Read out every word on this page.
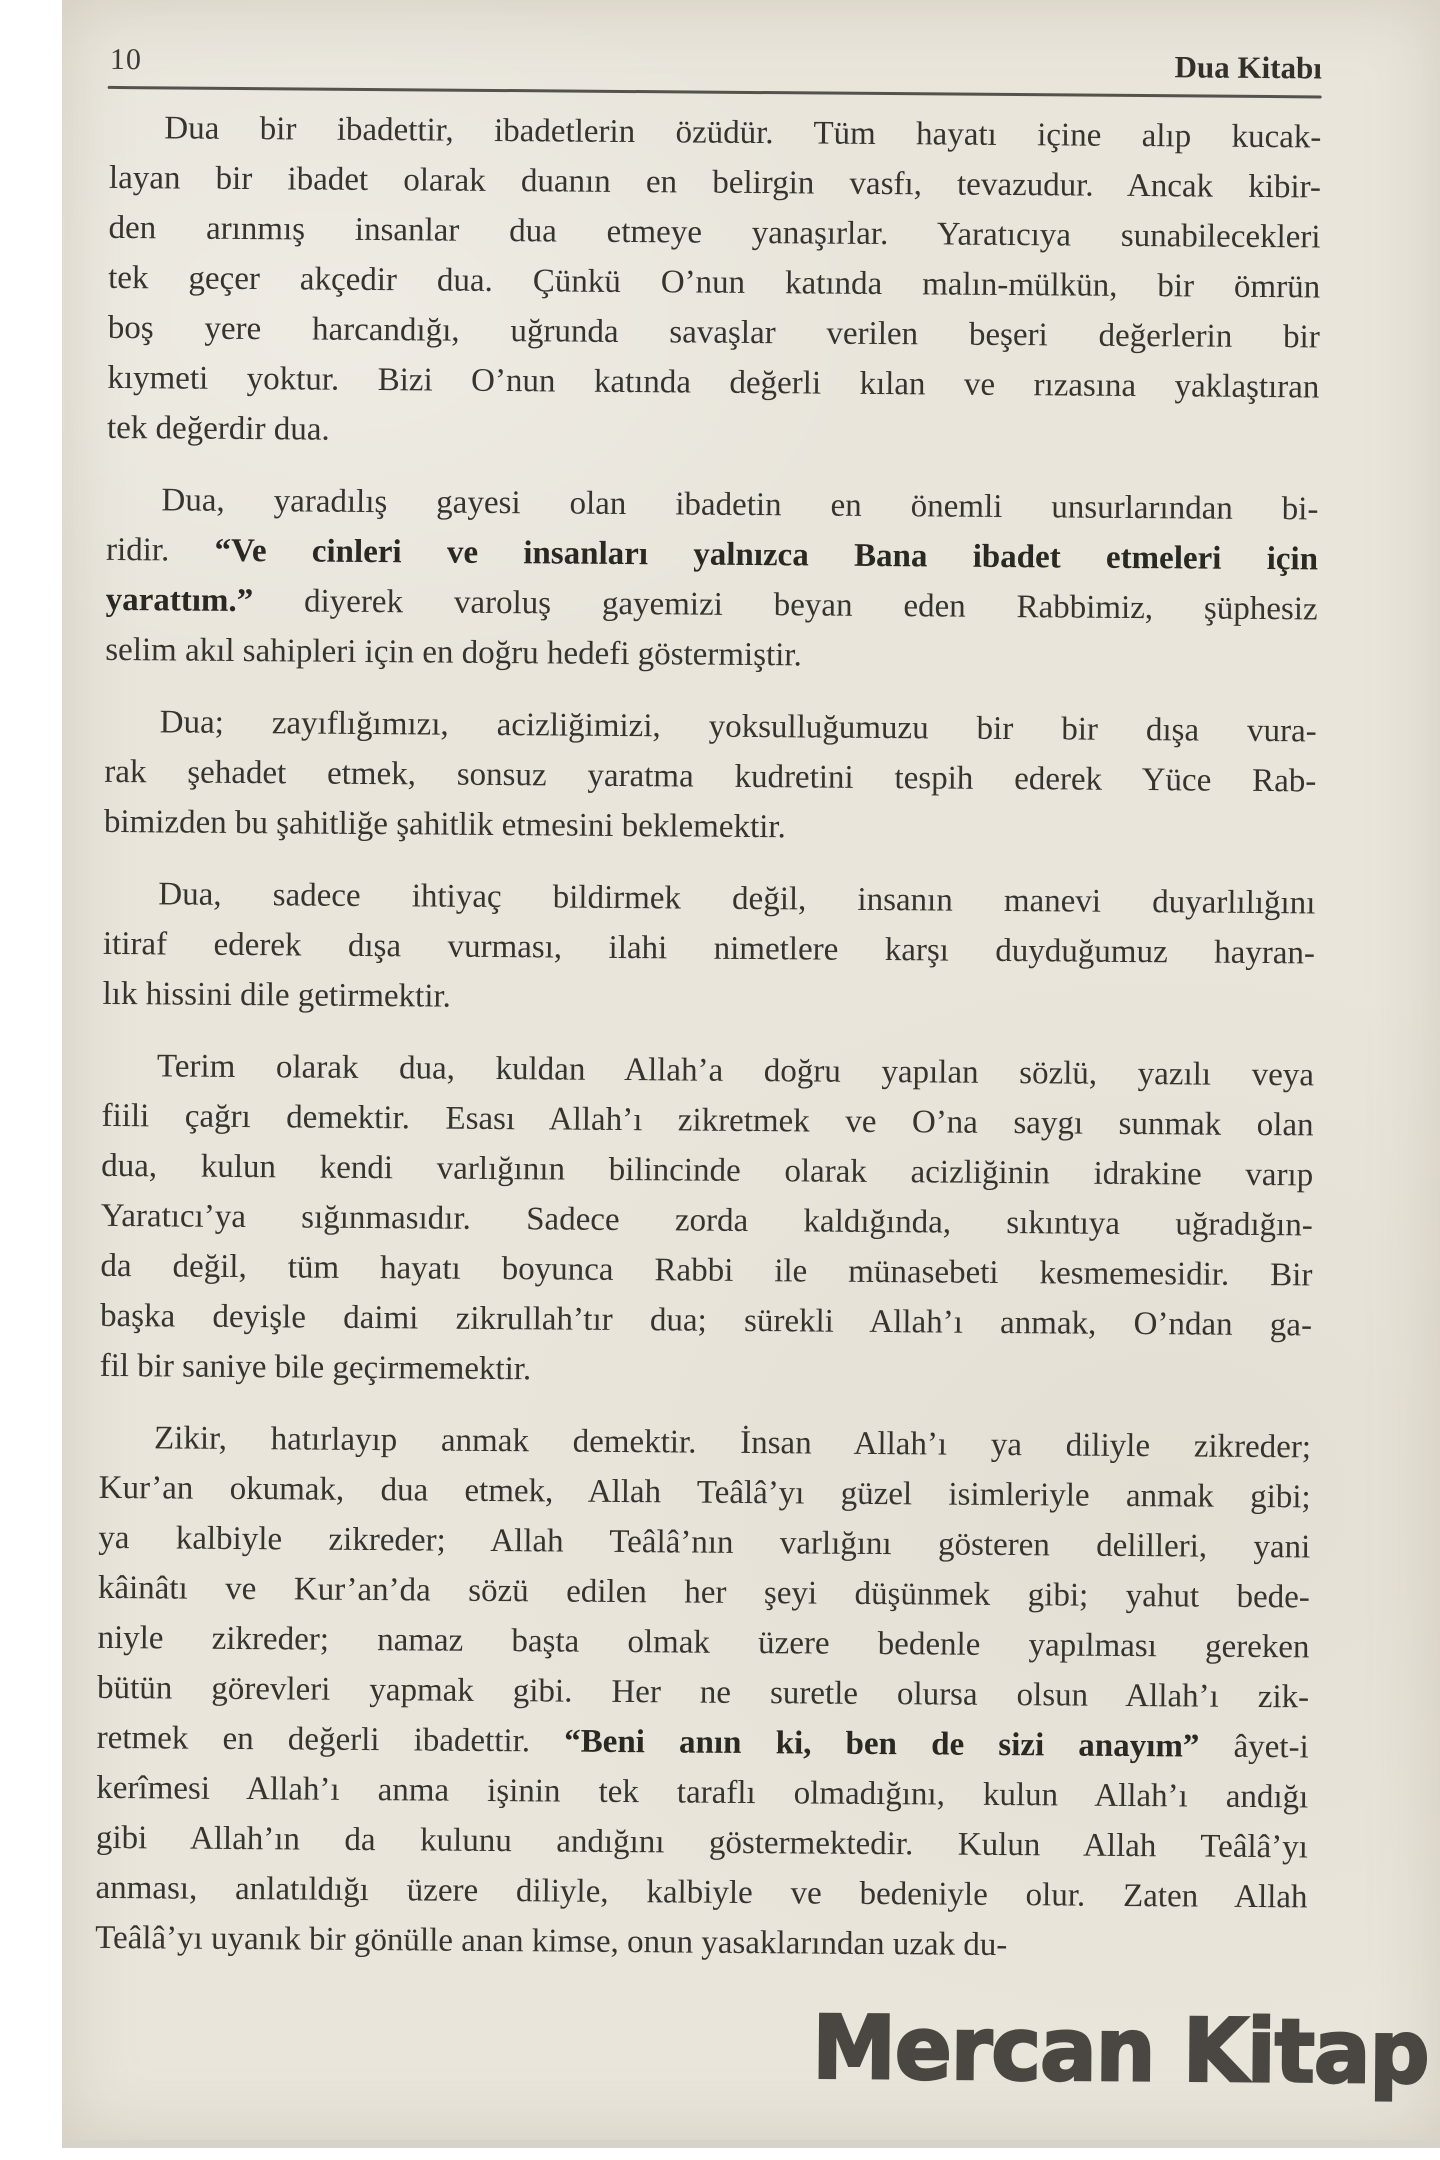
10	Dua Kitabı
Dua bir ibadettir, ibadetlerin özüdür. Tüm hayatı içine alıp kucak-
layan bir ibadet olarak duanın en belirgin vasfı, tevazudur. Ancak kibir-
den arınmış insanlar dua etmeye yanaşırlar. Yaratıcıya sunabilecekleri
tek geçer akçedir dua. Çünkü O’nun katında malın-mülkün, bir ömrün
boş yere harcandığı, uğrunda savaşlar verilen beşeri değerlerin bir
kıymeti yoktur. Bizi O’nun katında değerli kılan ve rızasına yaklaştıran
tek değerdir dua.
Dua, yaradılış gayesi olan ibadetin en önemli unsurlarından bi-
ridir. “Ve cinleri ve insanları yalnızca Bana ibadet etmeleri için
yarattım.” diyerek varoluş gayemizi beyan eden Rabbimiz, şüphesiz
selim akıl sahipleri için en doğru hedefi göstermiştir.
Dua; zayıflığımızı, acizliğimizi, yoksulluğumuzu bir bir dışa vura-
rak şehadet etmek, sonsuz yaratma kudretini tespih ederek Yüce Rab-
bimizden bu şahitliğe şahitlik etmesini beklemektir.
Dua, sadece ihtiyaç bildirmek değil, insanın manevi duyarlılığını
itiraf ederek dışa vurması, ilahi nimetlere karşı duyduğumuz hayran-
lık hissini dile getirmektir.
Terim olarak dua, kuldan Allah’a doğru yapılan sözlü, yazılı veya
fiili çağrı demektir. Esası Allah’ı zikretmek ve O’na saygı sunmak olan
dua, kulun kendi varlığının bilincinde olarak acizliğinin idrakine varıp
Yaratıcı’ya sığınmasıdır. Sadece zorda kaldığında, sıkıntıya uğradığın-
da değil, tüm hayatı boyunca Rabbi ile münasebeti kesmemesidir. Bir
başka deyişle daimi zikrullah’tır dua; sürekli Allah’ı anmak, O’ndan ga-
fil bir saniye bile geçirmemektir.
Zikir, hatırlayıp anmak demektir. İnsan Allah’ı ya diliyle zikreder;
Kur’an okumak, dua etmek, Allah Teâlâ’yı güzel isimleriyle anmak gibi;
ya kalbiyle zikreder; Allah Teâlâ’nın varlığını gösteren delilleri, yani
kâinâtı ve Kur’an’da sözü edilen her şeyi düşünmek gibi; yahut bede-
niyle zikreder; namaz başta olmak üzere bedenle yapılması gereken
bütün görevleri yapmak gibi. Her ne suretle olursa olsun Allah’ı zik-
retmek en değerli ibadettir. “Beni anın ki, ben de sizi anayım” âyet-i
kerîmesi Allah’ı anma işinin tek taraflı olmadığını, kulun Allah’ı andığı
gibi Allah’ın da kulunu andığını göstermektedir. Kulun Allah Teâlâ’yı
anması, anlatıldığı üzere diliyle, kalbiyle ve bedeniyle olur. Zaten Allah
Teâlâ’yı uyanık bir gönülle anan kimse, onun yasaklarından uzak du-
Mercan Kitap
